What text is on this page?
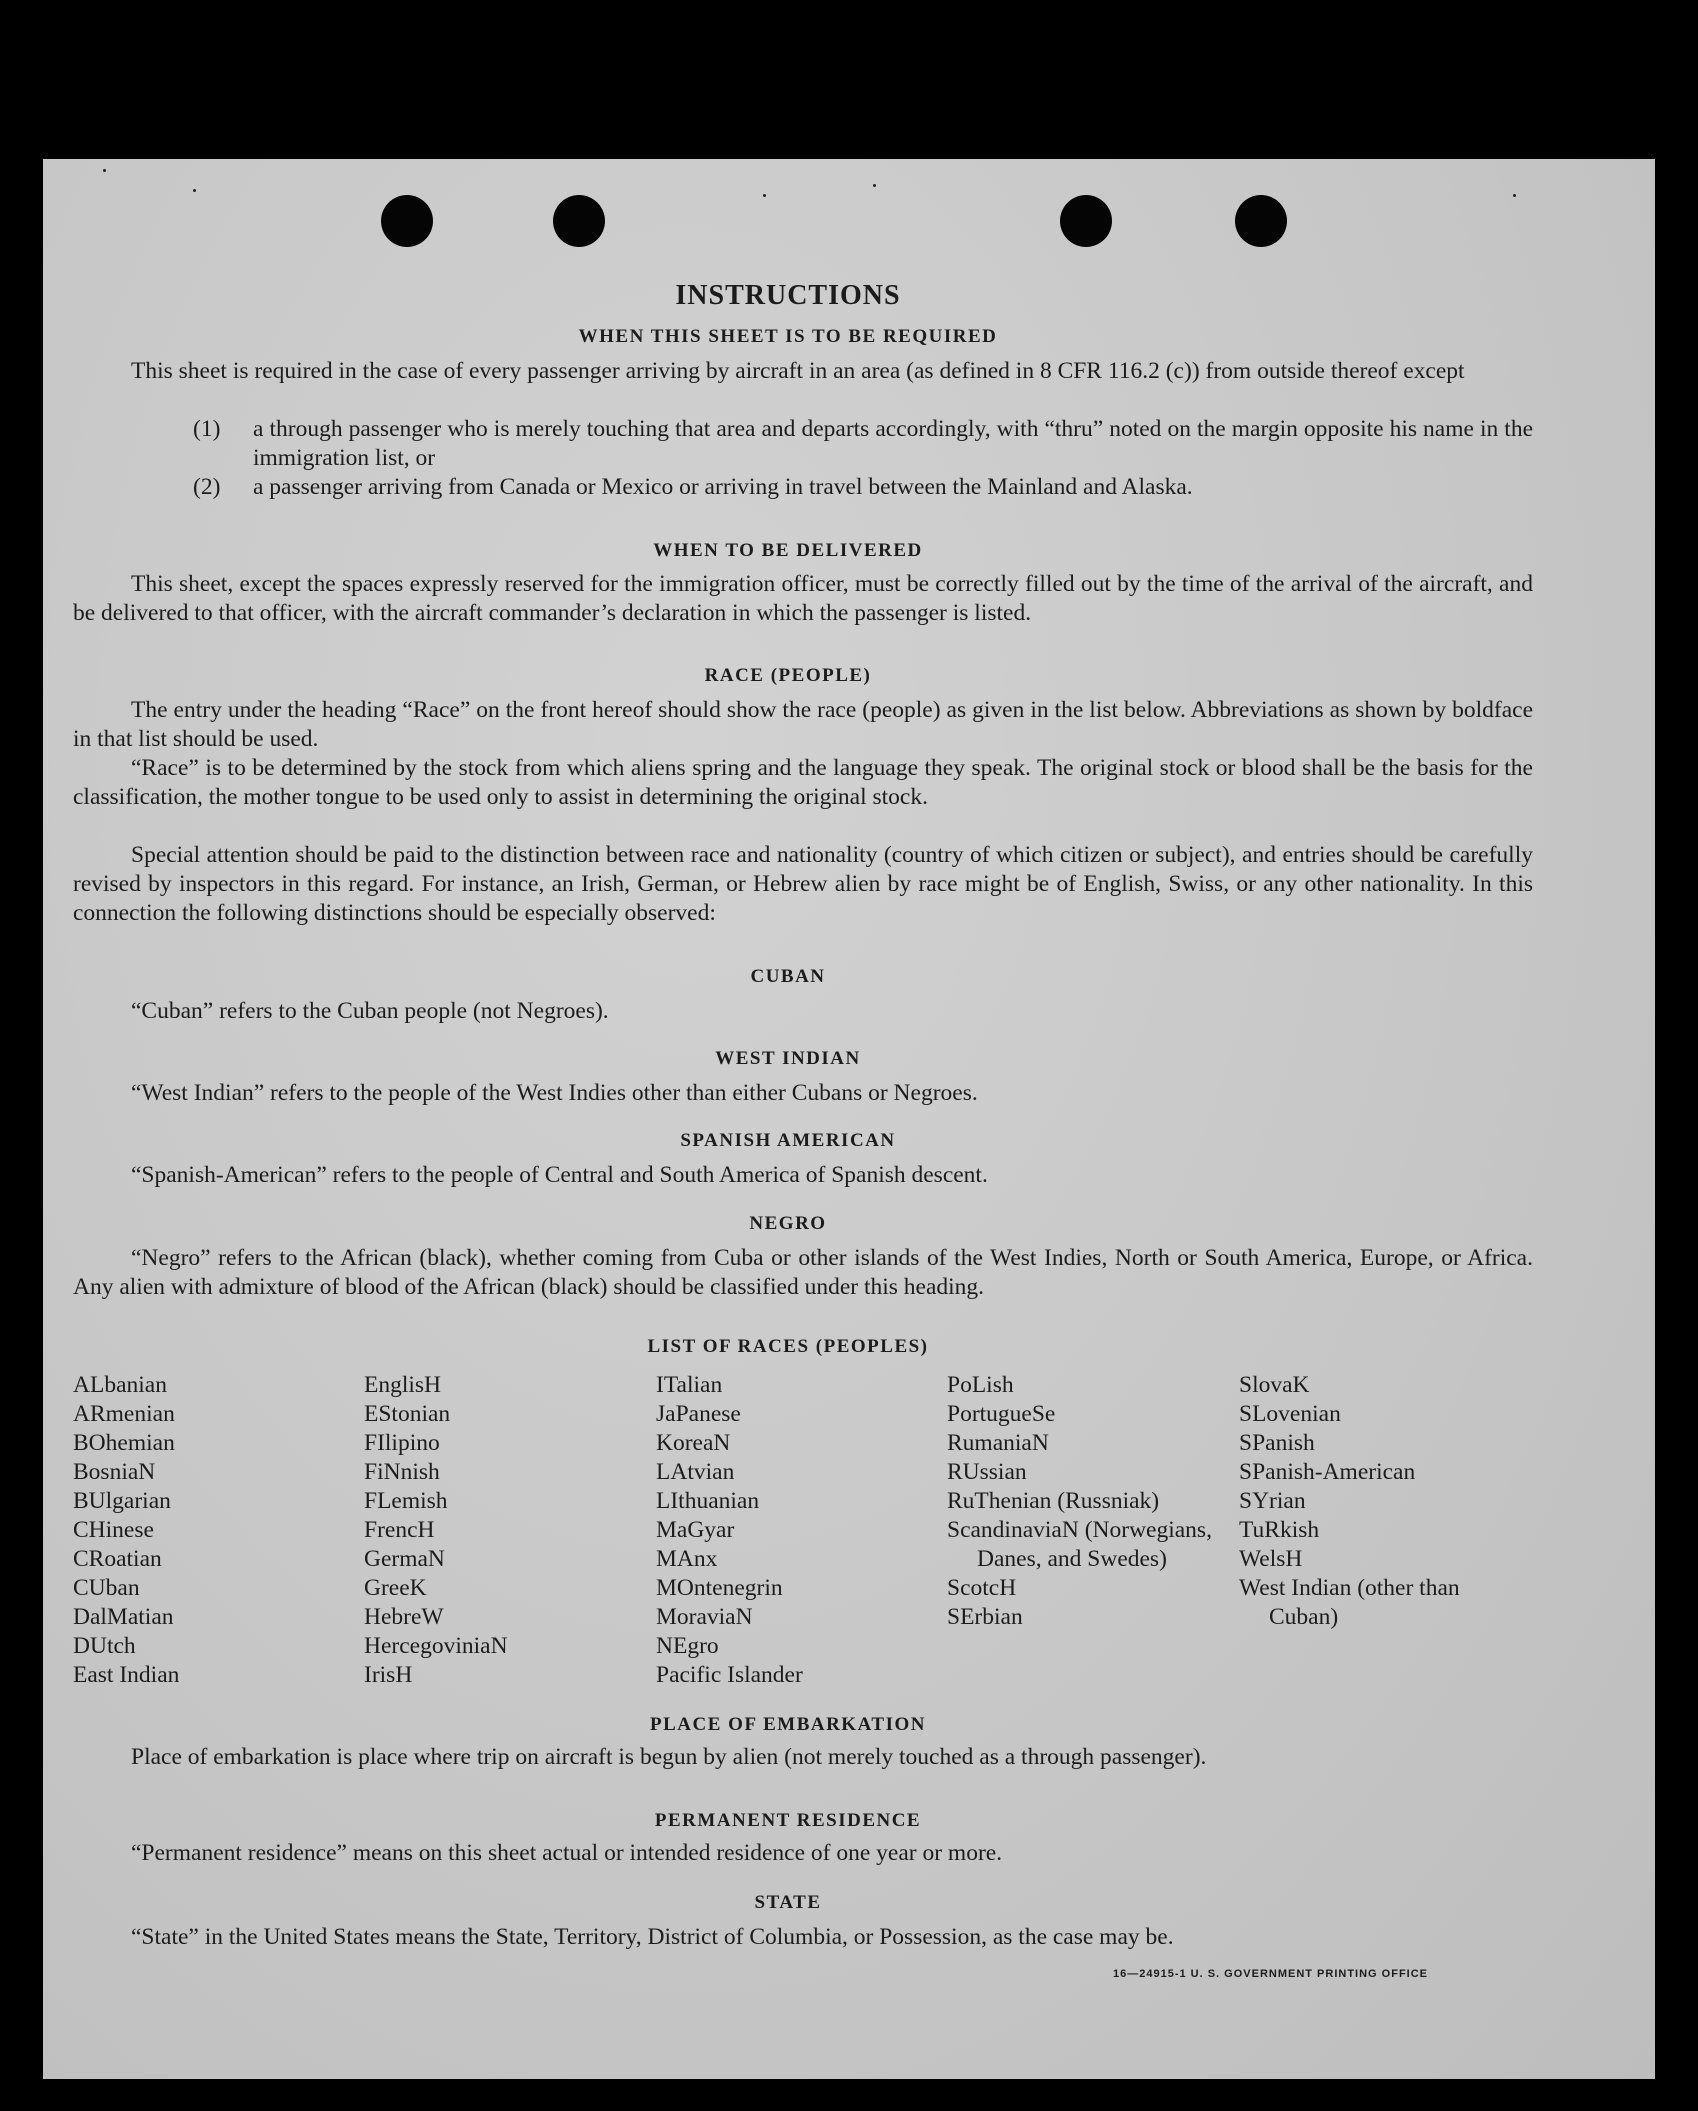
INSTRUCTIONS
WHEN THIS SHEET IS TO BE REQUIRED
This sheet is required in the case of every passenger arriving by aircraft in an area (as defined in 8 CFR 116.2 (c)) from outside thereof except
(1) a through passenger who is merely touching that area and departs accordingly, with “thru” noted on the margin opposite his name in the immigration list, or
(2) a passenger arriving from Canada or Mexico or arriving in travel between the Mainland and Alaska.
WHEN TO BE DELIVERED
This sheet, except the spaces expressly reserved for the immigration officer, must be correctly filled out by the time of the arrival of the aircraft, and be delivered to that officer, with the aircraft commander’s declaration in which the passenger is listed.
RACE (PEOPLE)
The entry under the heading “Race” on the front hereof should show the race (people) as given in the list below. Abbreviations as shown by boldface in that list should be used.
“Race” is to be determined by the stock from which aliens spring and the language they speak. The original stock or blood shall be the basis for the classification, the mother tongue to be used only to assist in determining the original stock.
Special attention should be paid to the distinction between race and nationality (country of which citizen or subject), and entries should be carefully revised by inspectors in this regard. For instance, an Irish, German, or Hebrew alien by race might be of English, Swiss, or any other nationality. In this connection the following distinctions should be especially observed:
CUBAN
“Cuban” refers to the Cuban people (not Negroes).
WEST INDIAN
“West Indian” refers to the people of the West Indies other than either Cubans or Negroes.
SPANISH AMERICAN
“Spanish-American” refers to the people of Central and South America of Spanish descent.
NEGRO
“Negro” refers to the African (black), whether coming from Cuba or other islands of the West Indies, North or South America, Europe, or Africa. Any alien with admixture of blood of the African (black) should be classified under this heading.
LIST OF RACES (PEOPLES)
ALbanian
ARmenian
BOhemian
BosniaN
BUlgarian
CHinese
CRoatian
CUban
DalMatian
DUtch
East Indian
EnglisH
EStonian
FIlipino
FiNnish
FLemish
FrencH
GermaN
GreeK
HebreW
HercegoviniaN
IrisH
ITalian
JaPanese
KoreaN
LAtvian
LIthuanian
MaGyar
MAnx
MOntenegrin
MoraviaN
NEgro
Pacific Islander
PoLish
PortugueSe
RumaniaN
RUssian
RuThenian (Russniak)
ScandinaviaN (Norwegians, Danes, and Swedes)
ScotcH
SErbian
SlovaK
SLovenian
SPanish
SPanish-American
SYrian
TuRkish
WelsH
West Indian (other than Cuban)
PLACE OF EMBARKATION
Place of embarkation is place where trip on aircraft is begun by alien (not merely touched as a through passenger).
PERMANENT RESIDENCE
“Permanent residence” means on this sheet actual or intended residence of one year or more.
STATE
“State” in the United States means the State, Territory, District of Columbia, or Possession, as the case may be.
16—24915-1 U. S. GOVERNMENT PRINTING OFFICE
